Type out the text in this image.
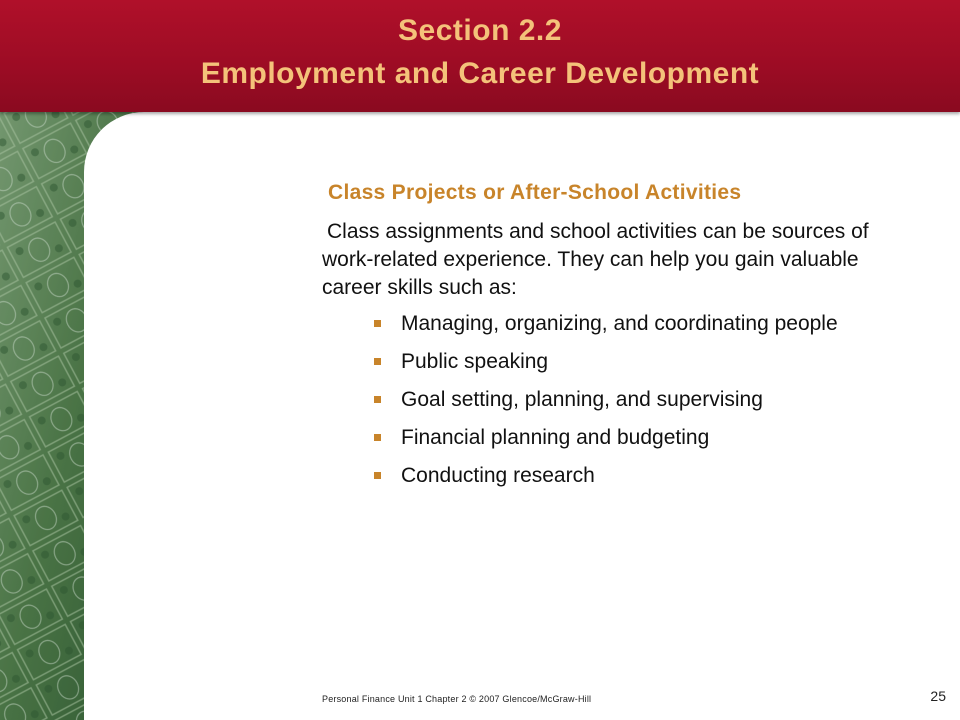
Section 2.2
Employment and Career Development

Class Projects or After-School Activities

Class assignments and school activities can be sources of work-related experience. They can help you gain valuable career skills such as:

Managing, organizing, and coordinating people
Public speaking
Goal setting, planning, and supervising
Financial planning and budgeting
Conducting research
Personal Finance Unit 1 Chapter 2 © 2007 Glencoe/McGraw-Hill	25
